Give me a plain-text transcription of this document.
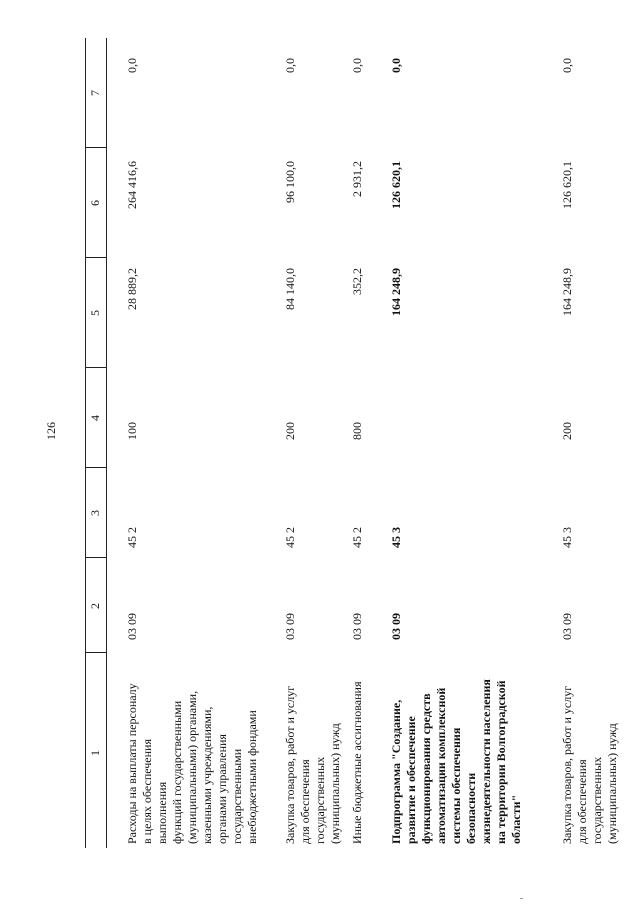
126
1
2
3
4
5
6
7
Расходы на выплаты персоналу в целях обеспечения выполнения функций государственными (муниципальными) органами, казенными учреждениями, органами управления государственными внебюджетными фондами
03 09
45 2
100
28 889,2
264 416,6
0,0
Закупка товаров, работ и услуг для обеспечения государственных (муниципальных) нужд
03 09
45 2
200
84 140,0
96 100,0
0,0
Иные бюджетные ассигнования
03 09
45 2
800
352,2
2 931,2
0,0
Подпрограмма "Создание, развитие и обеспечение функционирования средств автоматизации комплексной системы обеспечения безопасности жизнедеятельности населения на территории Волгоградской области"
03 09
45 3
164 248,9
126 620,1
0,0
Закупка товаров, работ и услуг для обеспечения государственных (муниципальных) нужд
03 09
45 3
200
164 248,9
126 620,1
0,0
